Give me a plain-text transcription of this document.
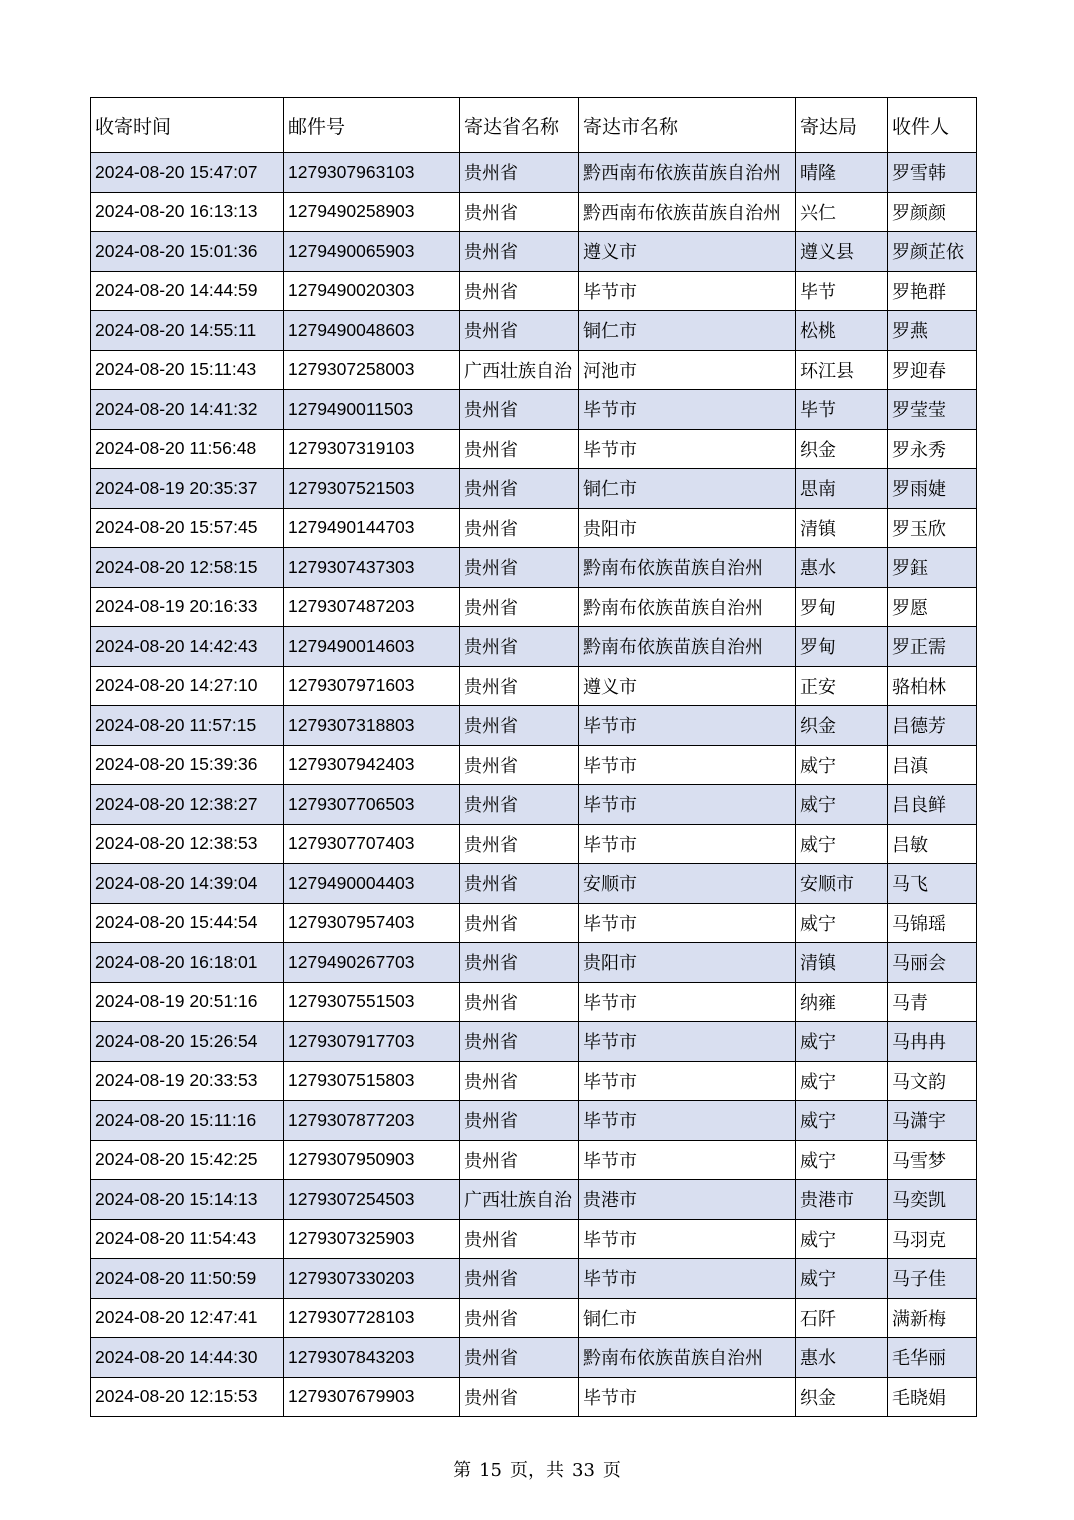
收寄时间	邮件号	寄达省名称	寄达市名称	寄达局	收件人
2024-08-20 15:47:07	1279307963103	贵州省	黔西南布依族苗族自治州	晴隆	罗雪韩
2024-08-20 16:13:13	1279490258903	贵州省	黔西南布依族苗族自治州	兴仁	罗颜颜
2024-08-20 15:01:36	1279490065903	贵州省	遵义市	遵义县	罗颜芷依
2024-08-20 14:44:59	1279490020303	贵州省	毕节市	毕节	罗艳群
2024-08-20 14:55:11	1279490048603	贵州省	铜仁市	松桃	罗燕
2024-08-20 15:11:43	1279307258003	广西壮族自治	河池市	环江县	罗迎春
2024-08-20 14:41:32	1279490011503	贵州省	毕节市	毕节	罗莹莹
2024-08-20 11:56:48	1279307319103	贵州省	毕节市	织金	罗永秀
2024-08-19 20:35:37	1279307521503	贵州省	铜仁市	思南	罗雨婕
2024-08-20 15:57:45	1279490144703	贵州省	贵阳市	清镇	罗玉欣
2024-08-20 12:58:15	1279307437303	贵州省	黔南布依族苗族自治州	惠水	罗鈺
2024-08-19 20:16:33	1279307487203	贵州省	黔南布依族苗族自治州	罗甸	罗愿
2024-08-20 14:42:43	1279490014603	贵州省	黔南布依族苗族自治州	罗甸	罗正需
2024-08-20 14:27:10	1279307971603	贵州省	遵义市	正安	骆柏林
2024-08-20 11:57:15	1279307318803	贵州省	毕节市	织金	吕德芳
2024-08-20 15:39:36	1279307942403	贵州省	毕节市	威宁	吕滇
2024-08-20 12:38:27	1279307706503	贵州省	毕节市	威宁	吕良鲜
2024-08-20 12:38:53	1279307707403	贵州省	毕节市	威宁	吕敏
2024-08-20 14:39:04	1279490004403	贵州省	安顺市	安顺市	马飞
2024-08-20 15:44:54	1279307957403	贵州省	毕节市	威宁	马锦瑶
2024-08-20 16:18:01	1279490267703	贵州省	贵阳市	清镇	马丽会
2024-08-19 20:51:16	1279307551503	贵州省	毕节市	纳雍	马青
2024-08-20 15:26:54	1279307917703	贵州省	毕节市	威宁	马冉冉
2024-08-19 20:33:53	1279307515803	贵州省	毕节市	威宁	马文韵
2024-08-20 15:11:16	1279307877203	贵州省	毕节市	威宁	马潇宇
2024-08-20 15:42:25	1279307950903	贵州省	毕节市	威宁	马雪梦
2024-08-20 15:14:13	1279307254503	广西壮族自治	贵港市	贵港市	马奕凯
2024-08-20 11:54:43	1279307325903	贵州省	毕节市	威宁	马羽克
2024-08-20 11:50:59	1279307330203	贵州省	毕节市	威宁	马子佳
2024-08-20 12:47:41	1279307728103	贵州省	铜仁市	石阡	满新梅
2024-08-20 14:44:30	1279307843203	贵州省	黔南布依族苗族自治州	惠水	毛华丽
2024-08-20 12:15:53	1279307679903	贵州省	毕节市	织金	毛晓娟
第 15 页，共 33 页
